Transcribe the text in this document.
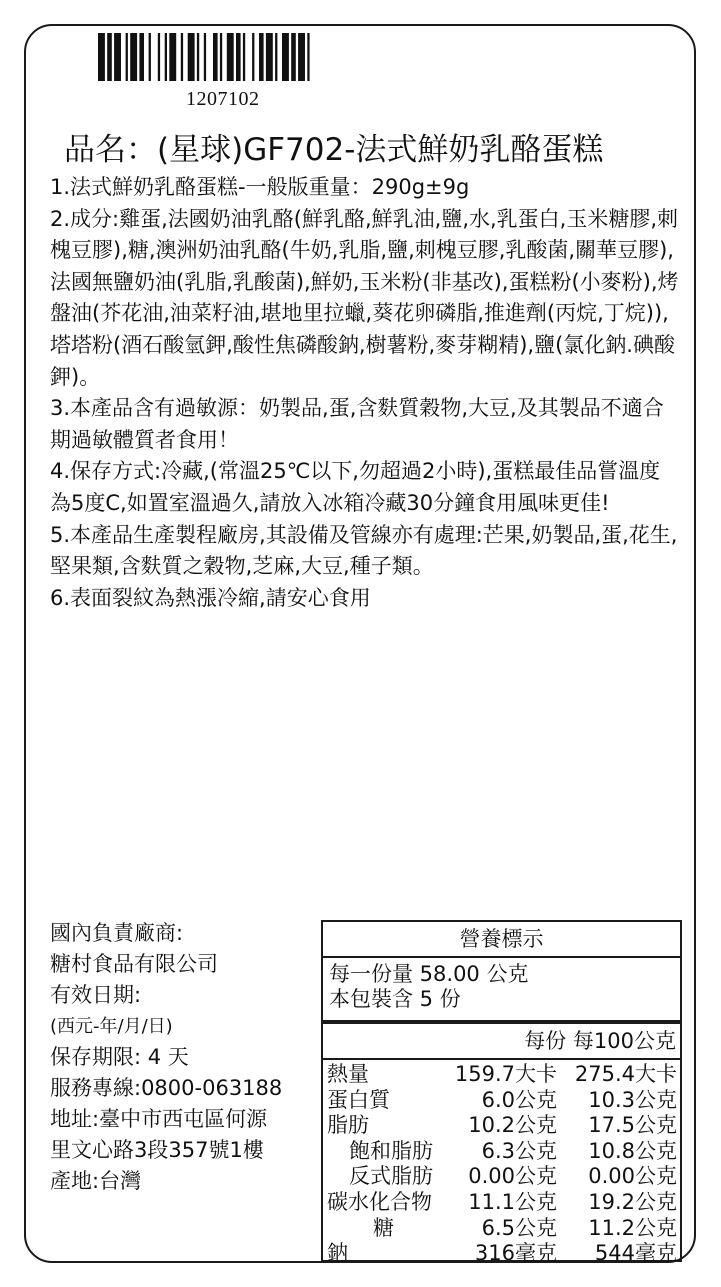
1207102
品名：(星球)GF702-法式鮮奶乳酪蛋糕

1.法式鮮奶乳酪蛋糕-一般版重量：290g±9g

2.成分:雞蛋,法國奶油乳酪(鮮乳酪,鮮乳油,鹽,水,乳蛋白,玉米糖膠,刺槐豆膠),糖,澳洲奶油乳酪(牛奶,乳脂,鹽,刺槐豆膠,乳酸菌,關華豆膠),法國無鹽奶油(乳脂,乳酸菌),鮮奶,玉米粉(非基改),蛋糕粉(小麥粉),烤盤油(芥花油,油菜籽油,堪地里拉蠟,葵花卵磷脂,推進劑(丙烷,丁烷)),塔塔粉(酒石酸氫鉀,酸性焦磷酸鈉,樹薯粉,麥芽糊精),鹽(氯化鈉.碘酸鉀)。

3.本產品含有過敏源：奶製品,蛋,含麩質穀物,大豆,及其製品不適合期過敏體質者食用！

4.保存方式:冷藏,(常溫25℃以下,勿超過2小時),蛋糕最佳品嘗溫度為5度C,如置室溫過久,請放入冰箱冷藏30分鐘食用風味更佳!

5.本產品生產製程廠房,其設備及管線亦有處理:芒果,奶製品,蛋,花生,堅果類,含麩質之穀物,芝麻,大豆,種子類。

6.表面裂紋為熱漲冷縮,請安心食用

國內負責廠商:
糖村食品有限公司
有效日期:
(西元-年/月/日)
保存期限: 4 天
服務專線:0800-063188
地址:臺中市西屯區何源
里文心路3段357號1樓
產地:台灣
營養標示
每一份量 58.00 公克
本包裝含 5 份
每份 每100公克
熱量	159.7大卡 275.4大卡
蛋白質	6.0公克	10.3公克
脂肪	10.2公克	17.5公克
飽和脂肪	6.3公克	10.8公克
反式脂肪	0.00公克	0.00公克
碳水化合物	11.1公克	19.2公克
糖	6.5公克	11.2公克
鈉	316毫克	544毫克
